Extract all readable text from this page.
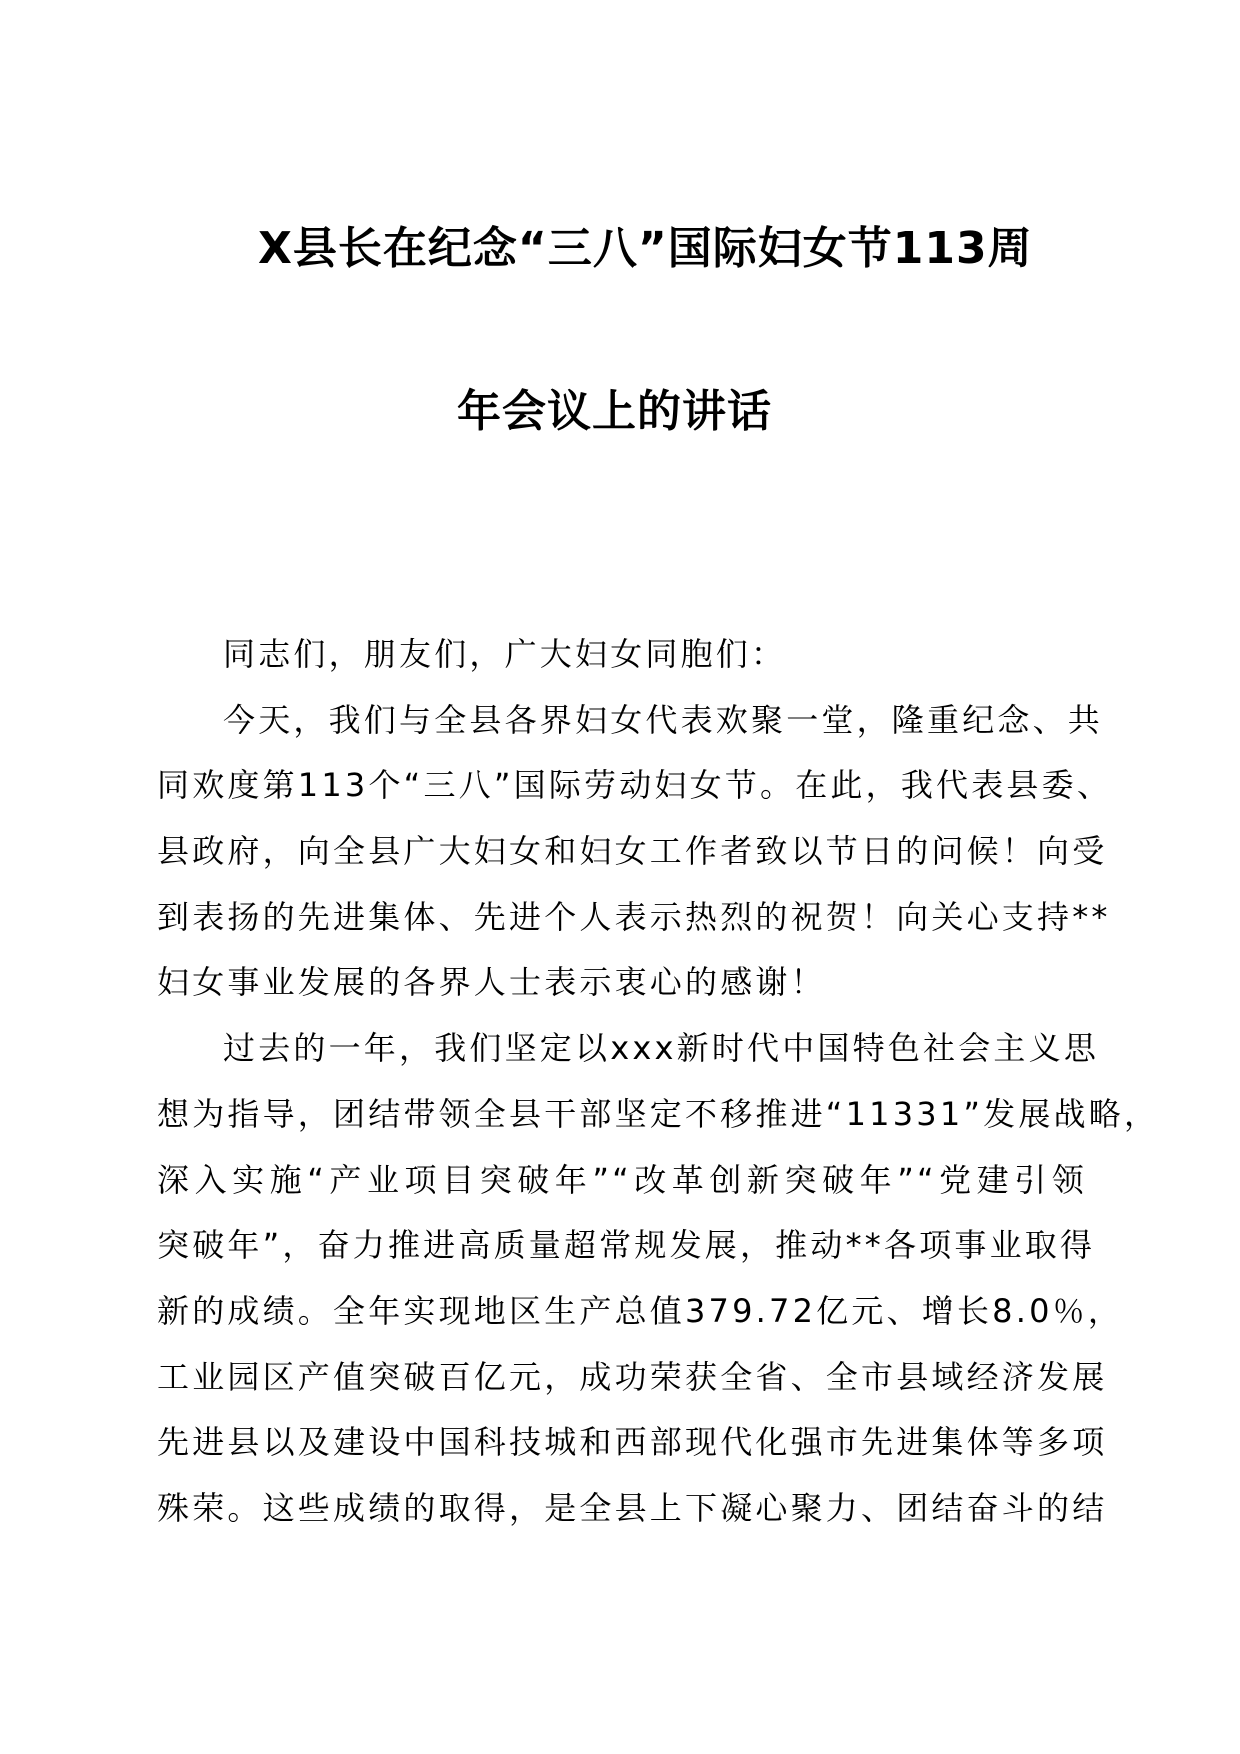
X县长在纪念“三八”国际妇女节113周
年会议上的讲话

同志们，朋友们，广大妇女同胞们：

今天，我们与全县各界妇女代表欢聚一堂，隆重纪念、共

同欢度第113个“三八”国际劳动妇女节。在此，我代表县委、

县政府，向全县广大妇女和妇女工作者致以节日的问候！向受

到表扬的先进集体、先进个人表示热烈的祝贺！向关心支持**

妇女事业发展的各界人士表示衷心的感谢！

过去的一年，我们坚定以xxx新时代中国特色社会主义思

想为指导，团结带领全县干部坚定不移推进“11331”发展战略，

深入实施“产业项目突破年”“改革创新突破年”“党建引领

突破年”，奋力推进高质量超常规发展，推动**各项事业取得

新的成绩。全年实现地区生产总值379.72亿元、增长8.0％，

工业园区产值突破百亿元，成功荣获全省、全市县域经济发展

先进县以及建设中国科技城和西部现代化强市先进集体等多项

殊荣。这些成绩的取得，是全县上下凝心聚力、团结奋斗的结
